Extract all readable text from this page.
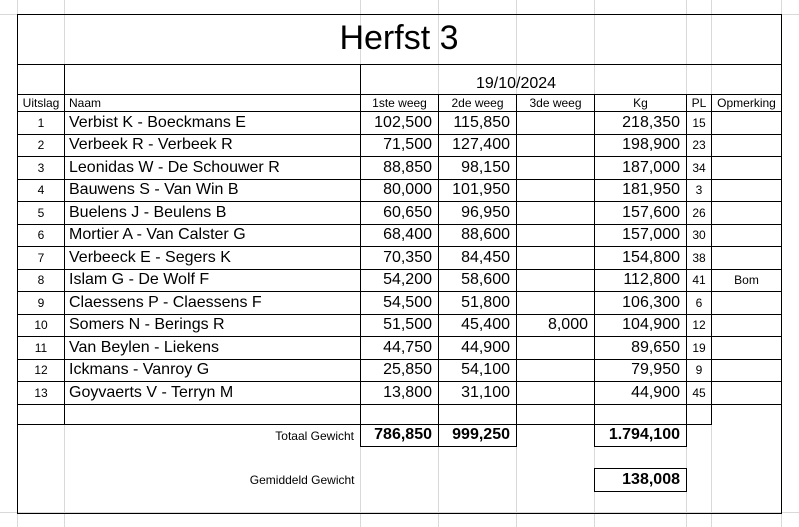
Herfst 3
		19/10/2024					
Uitslag	Naam	1ste weeg	2de weeg	3de weeg	Kg	PL	Opmerking
1	Verbist K - Boeckmans E	102,500	115,850		218,350	15	
2	Verbeek R - Verbeek R	71,500	127,400		198,900	23	
3	Leonidas W - De Schouwer R	88,850	98,150		187,000	34	
4	Bauwens S - Van Win B	80,000	101,950		181,950	3	
5	Buelens J - Beulens B	60,650	96,950		157,600	26	
6	Mortier A - Van Calster G	68,400	88,600		157,000	30	
7	Verbeeck E - Segers K	70,350	84,450		154,800	38	
8	Islam G - De Wolf F	54,200	58,600		112,800	41	Bom
9	Claessens P - Claessens F	54,500	51,800		106,300	6	
10	Somers N - Berings R	51,500	45,400	8,000	104,900	12	
11	Van Beylen - Liekens	44,750	44,900		89,650	19	
12	Ickmans - Vanroy G	25,850	54,100		79,950	9	
13	Goyvaerts V - Terryn M	13,800	31,100		44,900	45	

	Totaal Gewicht	786,850	999,250		1.794,100		

	Gemiddeld Gewicht				138,008		
